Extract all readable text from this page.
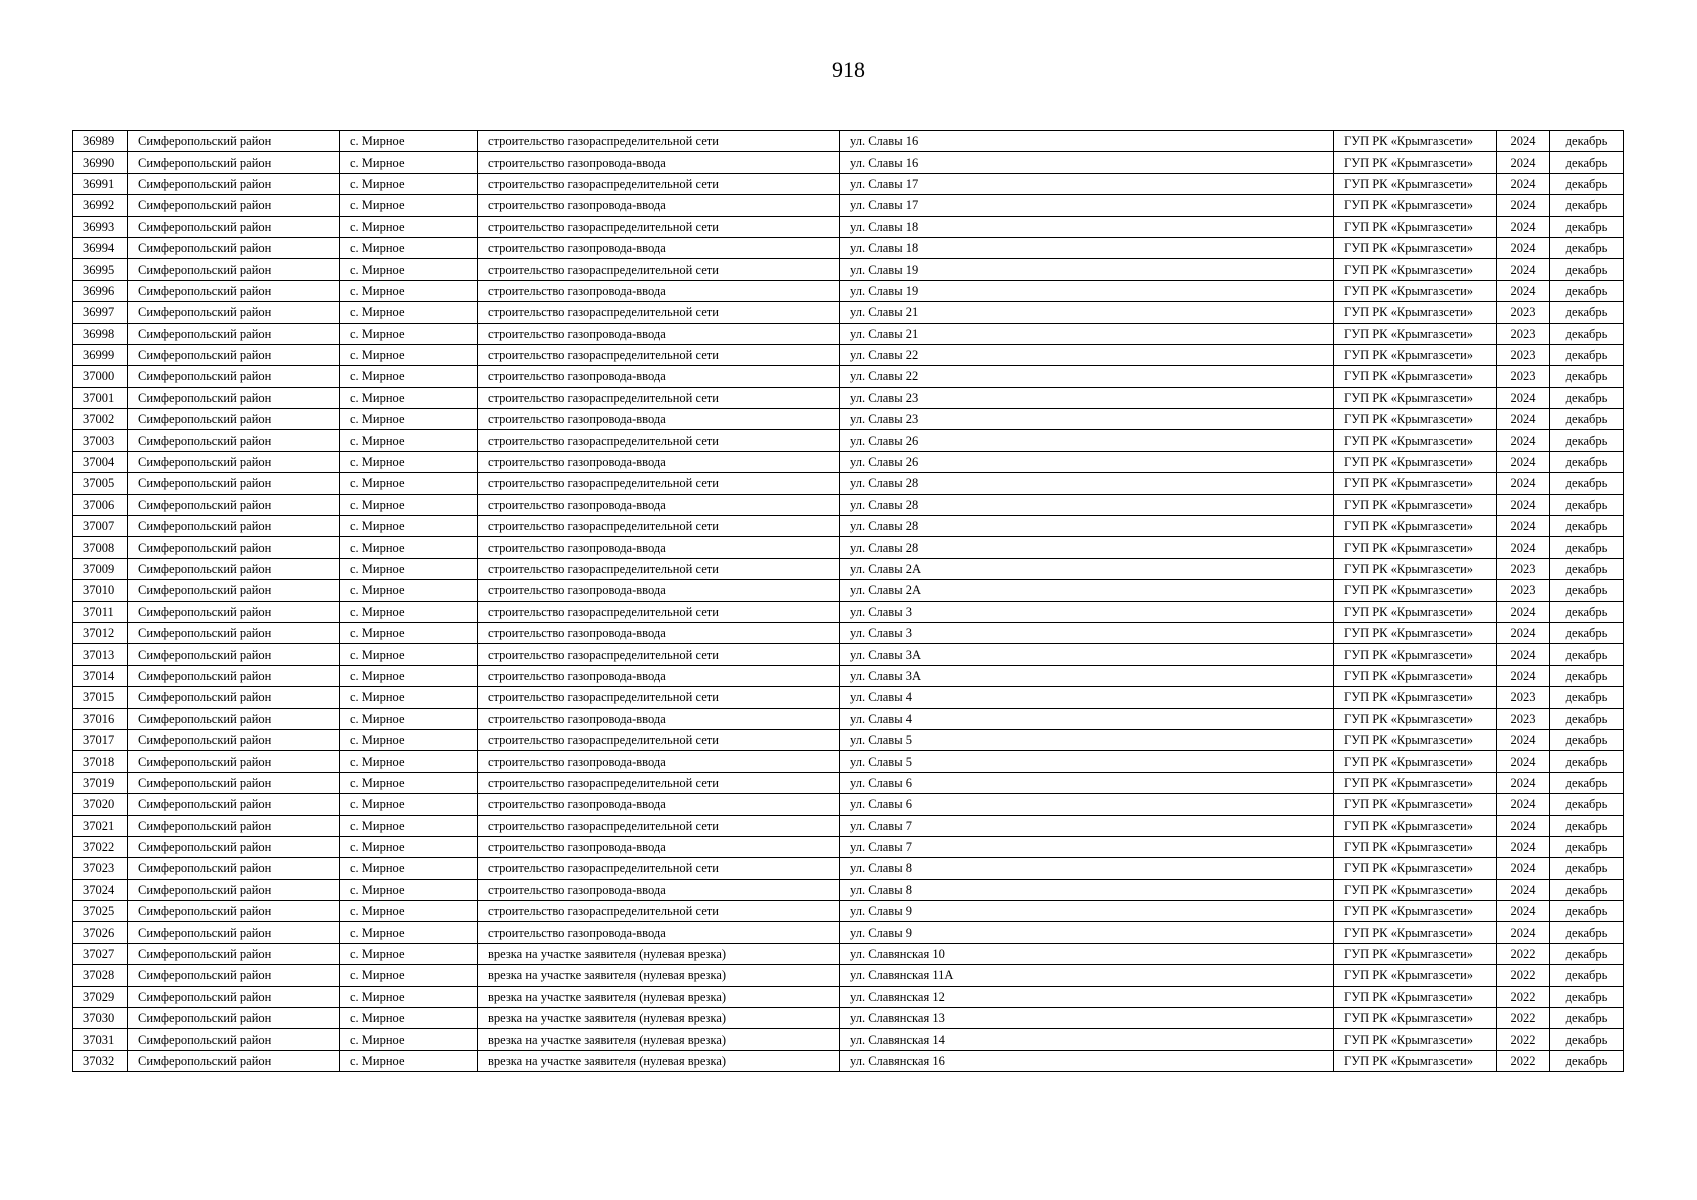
918
36989	Симферопольский район	с. Мирное	строительство газораспределительной сети	ул. Славы 16	ГУП РК «Крымгазсети»	2024	декабрь
36990	Симферопольский район	с. Мирное	строительство газопровода-ввода	ул. Славы 16	ГУП РК «Крымгазсети»	2024	декабрь
36991	Симферопольский район	с. Мирное	строительство газораспределительной сети	ул. Славы 17	ГУП РК «Крымгазсети»	2024	декабрь
36992	Симферопольский район	с. Мирное	строительство газопровода-ввода	ул. Славы 17	ГУП РК «Крымгазсети»	2024	декабрь
36993	Симферопольский район	с. Мирное	строительство газораспределительной сети	ул. Славы 18	ГУП РК «Крымгазсети»	2024	декабрь
36994	Симферопольский район	с. Мирное	строительство газопровода-ввода	ул. Славы 18	ГУП РК «Крымгазсети»	2024	декабрь
36995	Симферопольский район	с. Мирное	строительство газораспределительной сети	ул. Славы 19	ГУП РК «Крымгазсети»	2024	декабрь
36996	Симферопольский район	с. Мирное	строительство газопровода-ввода	ул. Славы 19	ГУП РК «Крымгазсети»	2024	декабрь
36997	Симферопольский район	с. Мирное	строительство газораспределительной сети	ул. Славы 21	ГУП РК «Крымгазсети»	2023	декабрь
36998	Симферопольский район	с. Мирное	строительство газопровода-ввода	ул. Славы 21	ГУП РК «Крымгазсети»	2023	декабрь
36999	Симферопольский район	с. Мирное	строительство газораспределительной сети	ул. Славы 22	ГУП РК «Крымгазсети»	2023	декабрь
37000	Симферопольский район	с. Мирное	строительство газопровода-ввода	ул. Славы 22	ГУП РК «Крымгазсети»	2023	декабрь
37001	Симферопольский район	с. Мирное	строительство газораспределительной сети	ул. Славы 23	ГУП РК «Крымгазсети»	2024	декабрь
37002	Симферопольский район	с. Мирное	строительство газопровода-ввода	ул. Славы 23	ГУП РК «Крымгазсети»	2024	декабрь
37003	Симферопольский район	с. Мирное	строительство газораспределительной сети	ул. Славы 26	ГУП РК «Крымгазсети»	2024	декабрь
37004	Симферопольский район	с. Мирное	строительство газопровода-ввода	ул. Славы 26	ГУП РК «Крымгазсети»	2024	декабрь
37005	Симферопольский район	с. Мирное	строительство газораспределительной сети	ул. Славы 28	ГУП РК «Крымгазсети»	2024	декабрь
37006	Симферопольский район	с. Мирное	строительство газопровода-ввода	ул. Славы 28	ГУП РК «Крымгазсети»	2024	декабрь
37007	Симферопольский район	с. Мирное	строительство газораспределительной сети	ул. Славы 28	ГУП РК «Крымгазсети»	2024	декабрь
37008	Симферопольский район	с. Мирное	строительство газопровода-ввода	ул. Славы 28	ГУП РК «Крымгазсети»	2024	декабрь
37009	Симферопольский район	с. Мирное	строительство газораспределительной сети	ул. Славы 2А	ГУП РК «Крымгазсети»	2023	декабрь
37010	Симферопольский район	с. Мирное	строительство газопровода-ввода	ул. Славы 2А	ГУП РК «Крымгазсети»	2023	декабрь
37011	Симферопольский район	с. Мирное	строительство газораспределительной сети	ул. Славы 3	ГУП РК «Крымгазсети»	2024	декабрь
37012	Симферопольский район	с. Мирное	строительство газопровода-ввода	ул. Славы 3	ГУП РК «Крымгазсети»	2024	декабрь
37013	Симферопольский район	с. Мирное	строительство газораспределительной сети	ул. Славы 3А	ГУП РК «Крымгазсети»	2024	декабрь
37014	Симферопольский район	с. Мирное	строительство газопровода-ввода	ул. Славы 3А	ГУП РК «Крымгазсети»	2024	декабрь
37015	Симферопольский район	с. Мирное	строительство газораспределительной сети	ул. Славы 4	ГУП РК «Крымгазсети»	2023	декабрь
37016	Симферопольский район	с. Мирное	строительство газопровода-ввода	ул. Славы 4	ГУП РК «Крымгазсети»	2023	декабрь
37017	Симферопольский район	с. Мирное	строительство газораспределительной сети	ул. Славы 5	ГУП РК «Крымгазсети»	2024	декабрь
37018	Симферопольский район	с. Мирное	строительство газопровода-ввода	ул. Славы 5	ГУП РК «Крымгазсети»	2024	декабрь
37019	Симферопольский район	с. Мирное	строительство газораспределительной сети	ул. Славы 6	ГУП РК «Крымгазсети»	2024	декабрь
37020	Симферопольский район	с. Мирное	строительство газопровода-ввода	ул. Славы 6	ГУП РК «Крымгазсети»	2024	декабрь
37021	Симферопольский район	с. Мирное	строительство газораспределительной сети	ул. Славы 7	ГУП РК «Крымгазсети»	2024	декабрь
37022	Симферопольский район	с. Мирное	строительство газопровода-ввода	ул. Славы 7	ГУП РК «Крымгазсети»	2024	декабрь
37023	Симферопольский район	с. Мирное	строительство газораспределительной сети	ул. Славы 8	ГУП РК «Крымгазсети»	2024	декабрь
37024	Симферопольский район	с. Мирное	строительство газопровода-ввода	ул. Славы 8	ГУП РК «Крымгазсети»	2024	декабрь
37025	Симферопольский район	с. Мирное	строительство газораспределительной сети	ул. Славы 9	ГУП РК «Крымгазсети»	2024	декабрь
37026	Симферопольский район	с. Мирное	строительство газопровода-ввода	ул. Славы 9	ГУП РК «Крымгазсети»	2024	декабрь
37027	Симферопольский район	с. Мирное	врезка на участке заявителя (нулевая врезка)	ул. Славянская 10	ГУП РК «Крымгазсети»	2022	декабрь
37028	Симферопольский район	с. Мирное	врезка на участке заявителя (нулевая врезка)	ул. Славянская 11А	ГУП РК «Крымгазсети»	2022	декабрь
37029	Симферопольский район	с. Мирное	врезка на участке заявителя (нулевая врезка)	ул. Славянская 12	ГУП РК «Крымгазсети»	2022	декабрь
37030	Симферопольский район	с. Мирное	врезка на участке заявителя (нулевая врезка)	ул. Славянская 13	ГУП РК «Крымгазсети»	2022	декабрь
37031	Симферопольский район	с. Мирное	врезка на участке заявителя (нулевая врезка)	ул. Славянская 14	ГУП РК «Крымгазсети»	2022	декабрь
37032	Симферопольский район	с. Мирное	врезка на участке заявителя (нулевая врезка)	ул. Славянская 16	ГУП РК «Крымгазсети»	2022	декабрь
